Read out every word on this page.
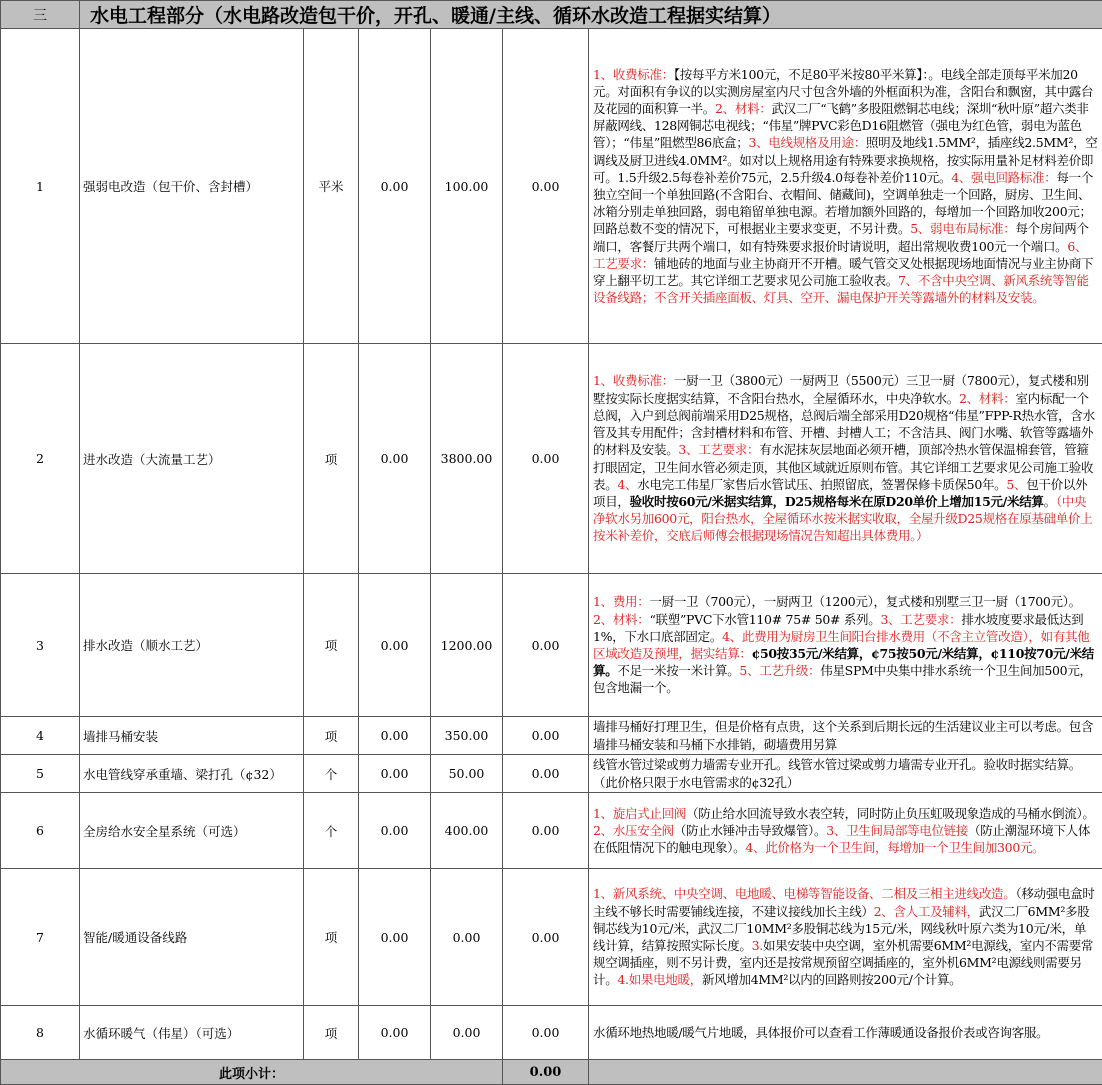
三	水电工程部分（水电路改造包干价，开孔、暖通/主线、循环水改造工程据实结算）					
1	强弱电改造（包干价、含封槽）	平米	0.00	100.00	0.00	1、收费标准：【按每平方米100元，不足80平米按80平米算】：。电线全部走顶每平米加20元。对面积有争议的以实测房屋室内尺寸包含外墙的外框面积为准，含阳台和飘窗，其中露台及花园的面积算一半。2、材料：武汉二厂“飞鹤”多股阻燃铜芯电线；深圳“秋叶原”超六类非屏蔽网线、128网铜芯电视线；“伟星”牌PVC彩色D16阻燃管（强电为红色管，弱电为蓝色管）；“伟星”阻燃型86底盒；3、电线规格及用途：照明及地线1.5MM²，插座线2.5MM²，空调线及厨卫进线4.0MM²。如对以上规格用途有特殊要求换规格，按实际用量补足材料差价即可。1.5升级2.5每卷补差价75元，2.5升级4.0每卷补差价110元。4、强电回路标准：每一个独立空间一个单独回路(不含阳台、衣帽间、储藏间)，空调单独走一个回路，厨房、卫生间、冰箱分别走单独回路，弱电箱留单独电源。若增加额外回路的，每增加一个回路加收200元；回路总数不变的情况下，可根据业主要求变更，不另计费。5、弱电布局标准：每个房间两个端口，客餐厅共两个端口，如有特殊要求报价时请说明，超出常规收费100元一个端口。6、工艺要求：铺地砖的地面与业主协商开不开槽。暖气管交叉处根据现场地面情况与业主协商下穿上翻平切工艺。其它详细工艺要求见公司施工验收表。7、不含中央空调、新风系统等智能设备线路；不含开关插座面板、灯具、空开、漏电保护开关等露墙外的材料及安装。
2	进水改造（大流量工艺）	项	0.00	3800.00	0.00	1、收费标准：一厨一卫（3800元）一厨两卫（5500元）三卫一厨（7800元），复式楼和别墅按实际长度据实结算，不含阳台热水，全屋循环水，中央净软水。2、材料：室内标配一个总阀，入户到总阀前端采用D25规格，总阀后端全部采用D20规格“伟星”FPP-R热水管，含水管及其专用配件；含封槽材料和布管、开槽、封槽人工；不含洁具、阀门水嘴、软管等露墙外的材料及安装。3、工艺要求：有水泥抹灰层地面必须开槽，顶部冷热水管保温棉套管，管箍打眼固定，卫生间水管必须走顶，其他区域就近原则布管。其它详细工艺要求见公司施工验收表。4、水电完工伟星厂家售后水管试压、拍照留底，签署保修卡质保50年。5、包干价以外项目，验收时按60元/米据实结算，D25规格每米在原D20单价上增加15元/米结算。（中央净软水另加600元，阳台热水，全屋循环水按米据实收取，全屋升级D25规格在原基础单价上按米补差价，交底后师傅会根据现场情况告知超出具体费用。）
3	排水改造（顺水工艺）	项	0.00	1200.00	0.00	1、费用：一厨一卫（700元），一厨两卫（1200元），复式楼和别墅三卫一厨（1700元）。2、材料：“联塑”PVC下水管110# 75# 50# 系列。3、工艺要求：排水坡度要求最低达到1%，下水口底部固定。4、此费用为厨房卫生间阳台排水费用（不含主立管改造），如有其他区域改造及预埋，据实结算：¢50按35元/米结算，¢75按50元/米结算，¢110按70元/米结算。不足一米按一米计算。5、工艺升级：伟星SPM中央集中排水系统一个卫生间加500元，包含地漏一个。
4	墙排马桶安装	项	0.00	350.00	0.00	墙排马桶好打理卫生，但是价格有点贵，这个关系到后期长远的生活建议业主可以考虑。包含墙排马桶安装和马桶下水排销，砌墙费用另算
5	水电管线穿承重墙、梁打孔（¢32）	个	0.00	50.00	0.00	线管水管过梁或剪力墙需专业开孔。线管水管过梁或剪力墙需专业开孔。验收时据实结算。（此价格只限于水电管需求的¢32孔）
6	全房给水安全星系统（可选）	个	0.00	400.00	0.00	1、旋启式止回阀（防止给水回流导致水表空转，同时防止负压虹吸现象造成的马桶水倒流）。2、水压安全阀（防止水锤冲击导致爆管）。3、卫生间局部等电位链接（防止潮湿环境下人体在低阻情况下的触电现象）。4、此价格为一个卫生间，每增加一个卫生间加300元。
7	智能/暖通设备线路	项	0.00	0.00	0.00	1、新风系统、中央空调、电地暖、电梯等智能设备、二相及三相主进线改造。（移动强电盒时主线不够长时需要铺线连接，不建议接线加长主线）2、含人工及辅料，武汉二厂6MM²多股铜芯线为10元/米，武汉二厂10MM²多股铜芯线为15元/米，网线秋叶原六类为10元/米，单线计算，结算按照实际长度。3.如果安装中央空调，室外机需要6MM²电源线，室内不需要常规空调插座，则不另计费，室内还是按常规预留空调插座的，室外机6MM²电源线则需要另计。4.如果电地暖，新风增加4MM²以内的回路则按200元/个计算。
8	水循环暖气（伟星）（可选）	项	0.00	0.00	0.00	水循环地热地暖/暖气片地暖，具体报价可以查看工作薄暖通设备报价表或咨询客服。
此项小计：					0.00	
